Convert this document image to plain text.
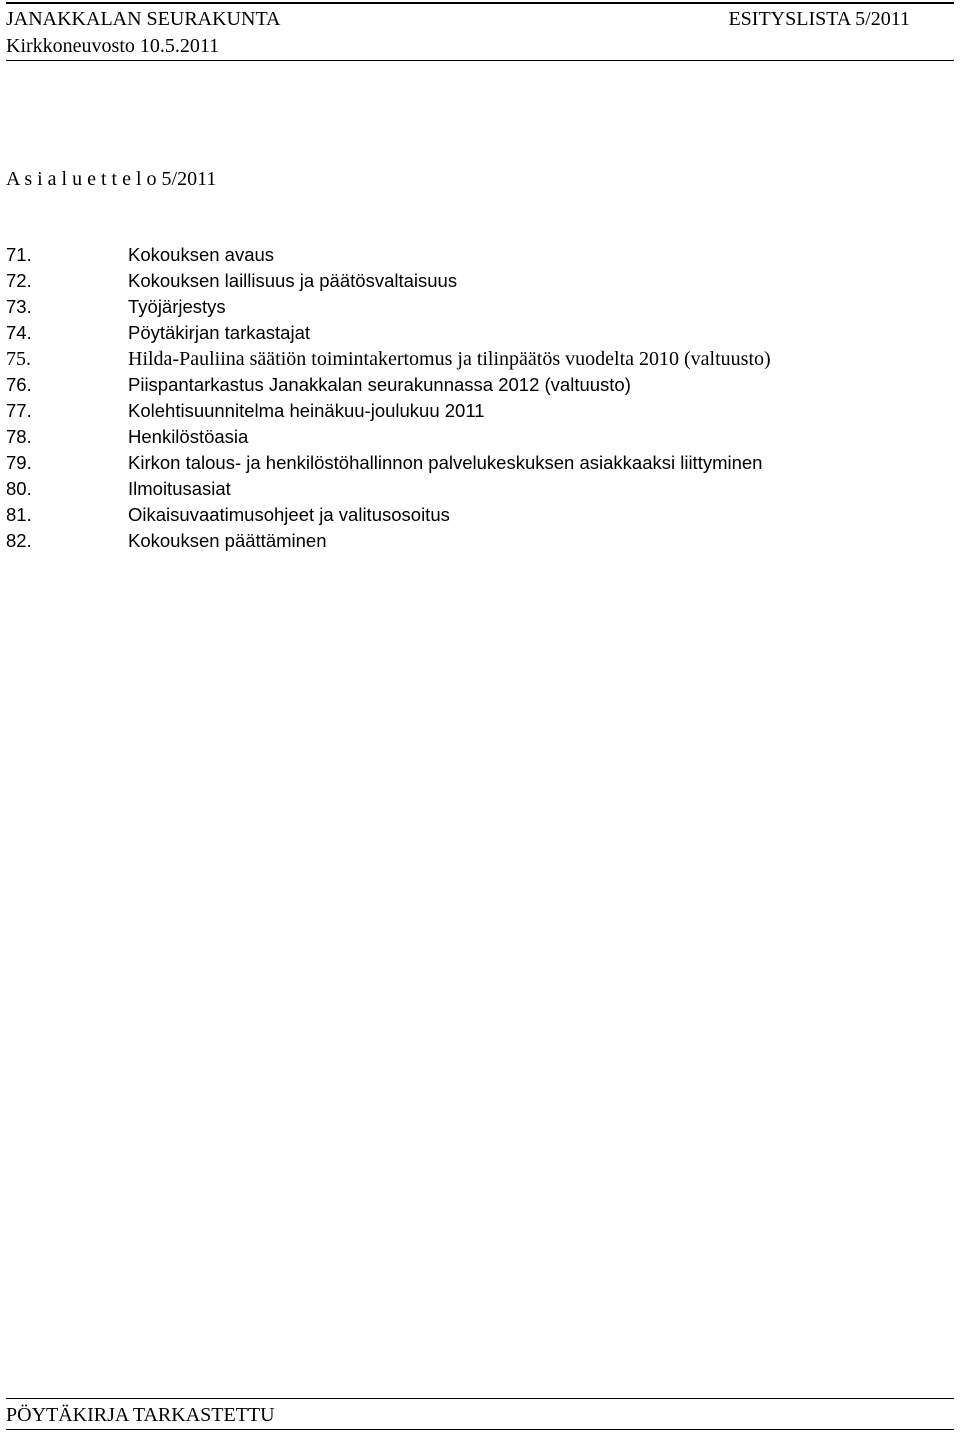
JANAKKALAN SEURAKUNTA	ESITYSLISTA 5/2011
Kirkkoneuvosto 10.5.2011
A s i a l u e t t e l o 5/2011
71.	Kokouksen avaus
72.	Kokouksen laillisuus ja päätösvaltaisuus
73.	Työjärjestys
74.	Pöytäkirjan tarkastajat
75.	Hilda-Pauliina säätiön toimintakertomus ja tilinpäätös vuodelta 2010 (valtuusto)
76.	Piispantarkastus Janakkalan seurakunnassa 2012 (valtuusto)
77.	Kolehtisuunnitelma heinäkuu-joulukuu 2011
78.	Henkilöstöasia
79.	Kirkon talous- ja henkilöstöhallinnon palvelukeskuksen asiakkaaksi liittyminen
80.	Ilmoitusasiat
81.	Oikaisuvaatimusohjeet ja valitusosoitus
82.	Kokouksen päättäminen
PÖYTÄKIRJA TARKASTETTU
